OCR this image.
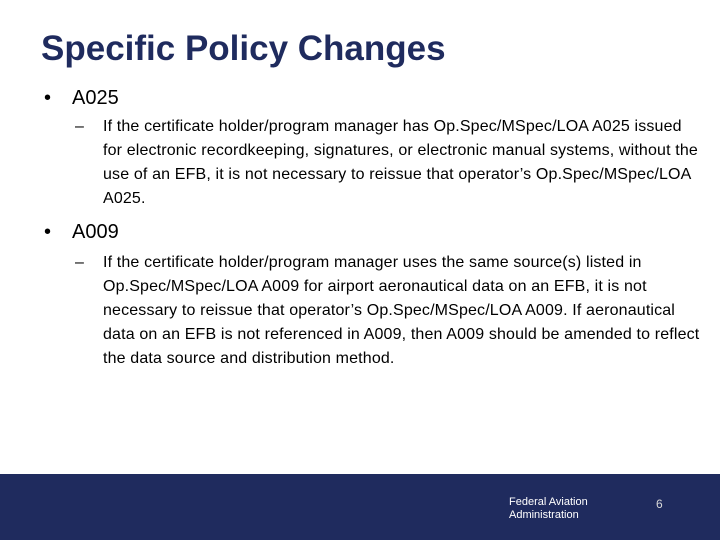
Specific Policy Changes
•	A025
–	If the certificate holder/program manager has Op.Spec/MSpec/LOA A025 issued for electronic recordkeeping, signatures, or electronic manual systems, without the use of an EFB, it is not necessary to reissue that operator’s Op.Spec/MSpec/LOA A025.
•	A009
–	If the certificate holder/program manager uses the same source(s) listed in Op.Spec/MSpec/LOA A009 for airport aeronautical data on an EFB, it is not necessary to reissue that operator’s Op.Spec/MSpec/LOA A009. If aeronautical data on an EFB is not referenced in A009, then A009 should be amended to reflect the data source and distribution method.
Federal Aviation
Administration
6
